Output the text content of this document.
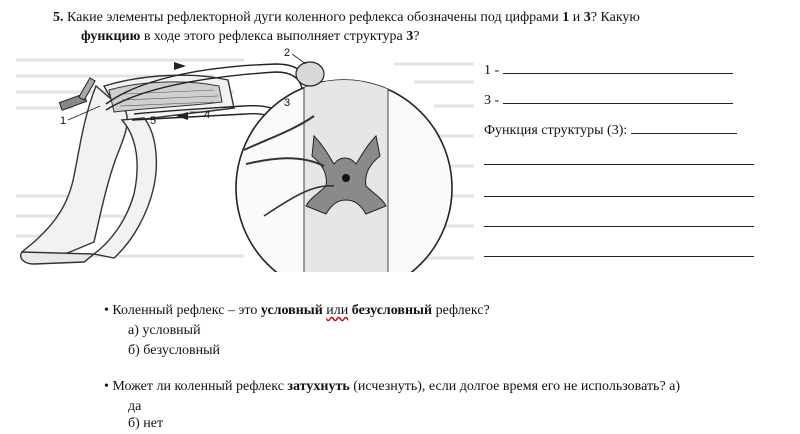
5. Какие элементы рефлекторной дуги коленного рефлекса обозначены под цифрами 1 и 3? Какую
функцию в ходе этого рефлекса выполняет структура 3?
1
2
3
4
5
1 -
3 -
Функция структуры (3):
• Коленный рефлекс – это условный или безусловный рефлекс?
а) условный
б) безусловный
• Может ли коленный рефлекс затухнуть (исчезнуть), если долгое время его не использовать? а)
да
б) нет
